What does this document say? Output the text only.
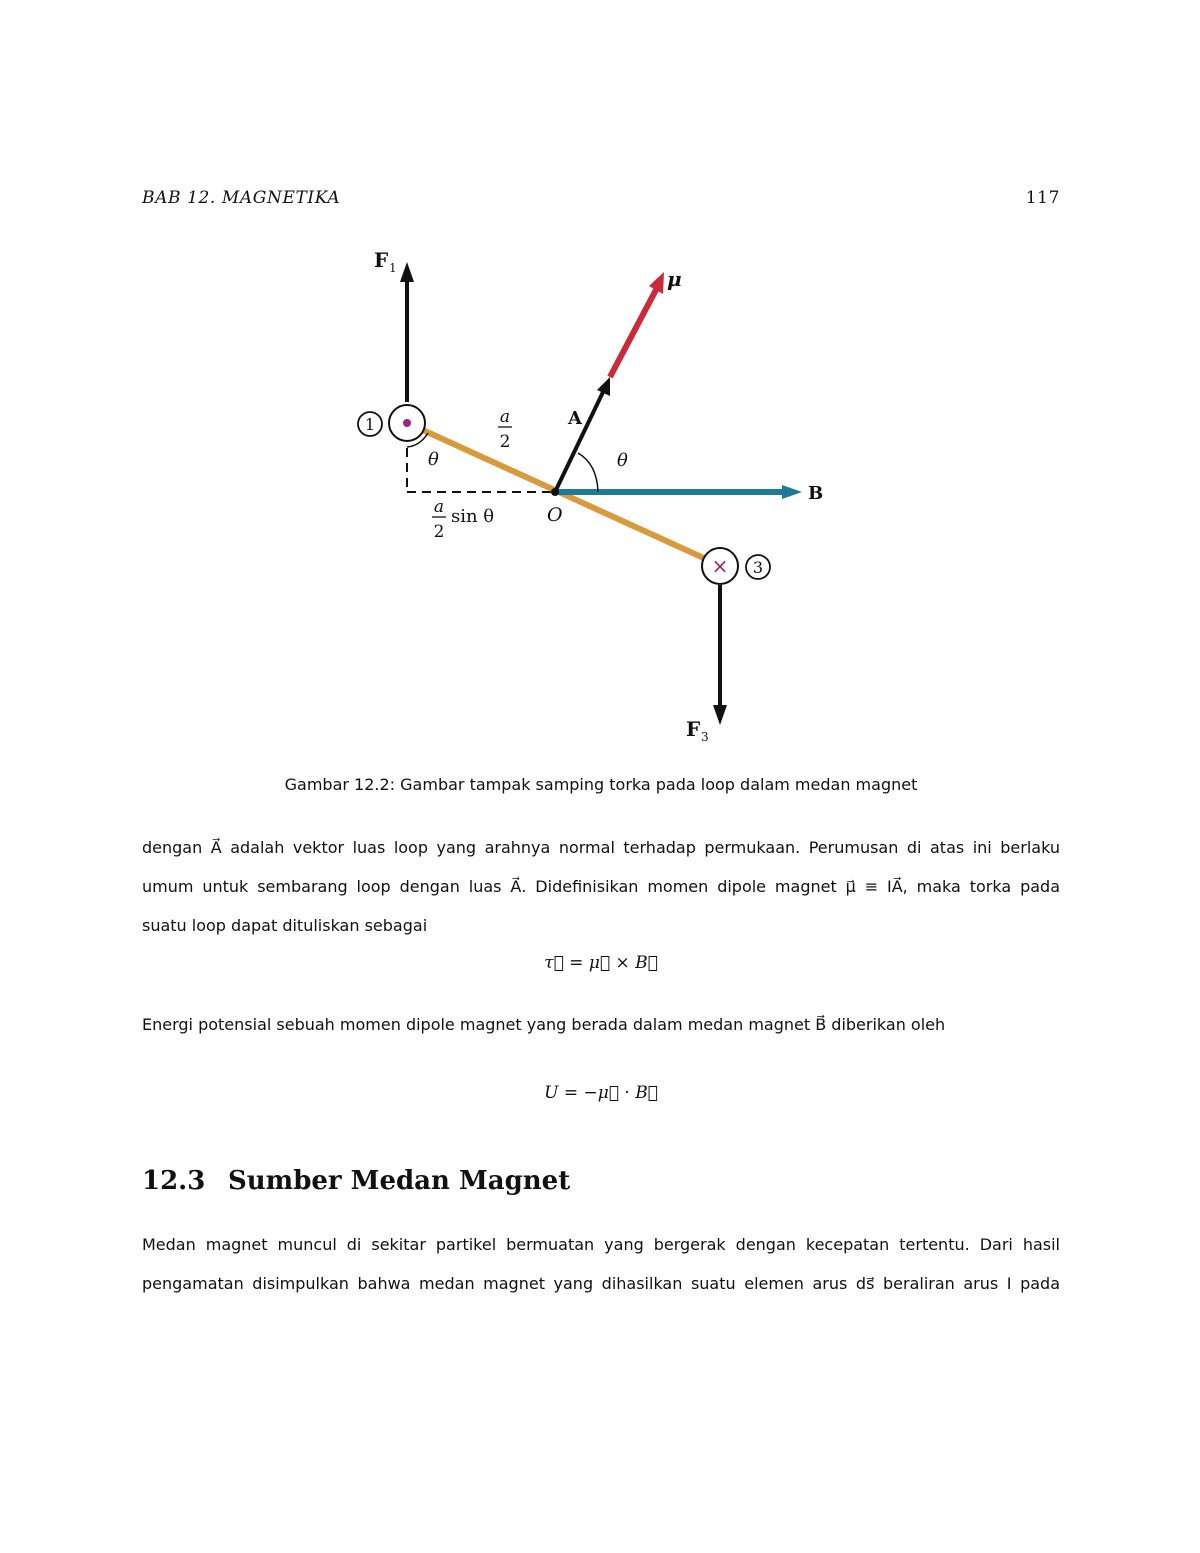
BAB 12. MAGNETIKA	117
1
× 3
F 1
F 3
μ
A
B
θ	θ
O
a
2
a
2
sin θ
Gambar 12.2: Gambar tampak samping torka pada loop dalam medan magnet
dengan A⃗ adalah vektor luas loop yang arahnya normal terhadap permukaan. Perumusan di atas ini berlaku
umum untuk sembarang loop dengan luas A⃗. Didefinisikan momen dipole magnet μ⃗ ≡ IA⃗, maka torka pada
suatu loop dapat dituliskan sebagai
τ⃗ = μ⃗ × B⃗
Energi potensial sebuah momen dipole magnet yang berada dalam medan magnet B⃗ diberikan oleh
U = −μ⃗ · B⃗
12.3 Sumber Medan Magnet
Medan magnet muncul di sekitar partikel bermuatan yang bergerak dengan kecepatan tertentu. Dari hasil
pengamatan disimpulkan bahwa medan magnet yang dihasilkan suatu elemen arus ds⃗ beraliran arus I pada
